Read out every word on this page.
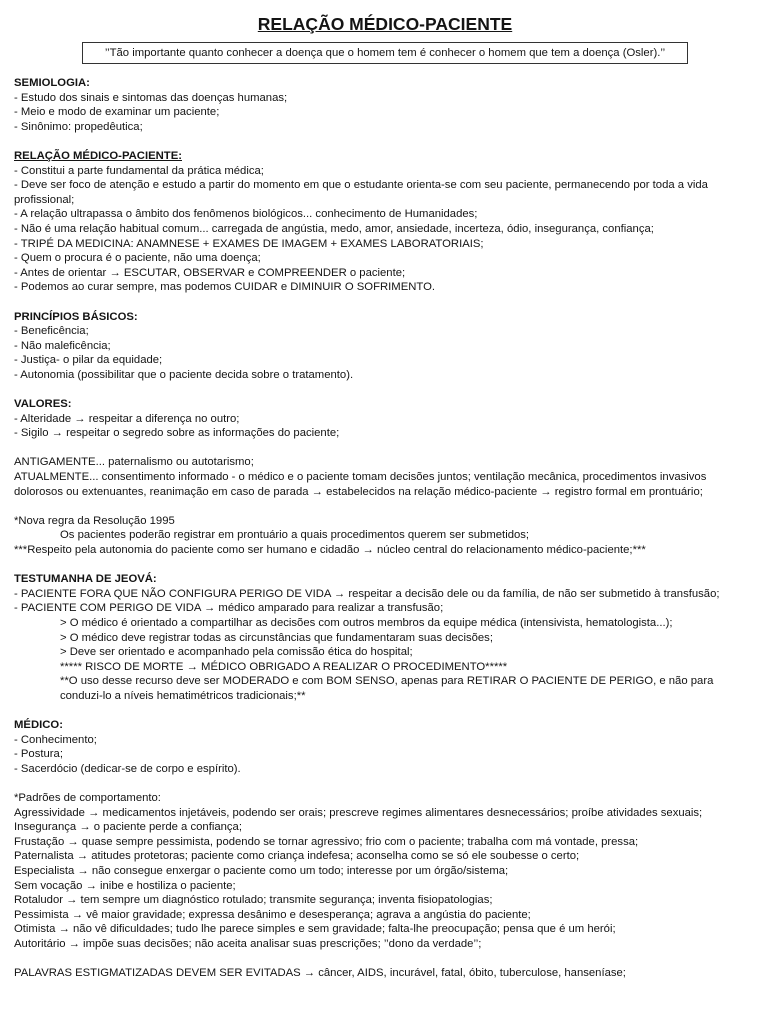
RELAÇÃO MÉDICO-PACIENTE
’’Tão importante quanto conhecer a doença que o homem tem é conhecer o homem que tem a doença (Osler).’’
SEMIOLOGIA:
- Estudo dos sinais e sintomas das doenças humanas;
- Meio e modo de examinar um paciente;
- Sinônimo: propedêutica;
RELAÇÃO MÉDICO-PACIENTE:
- Constitui a parte fundamental da prática médica;
- Deve ser foco de atenção e estudo a partir do momento em que o estudante orienta-se com seu paciente, permanecendo por toda a vida profissional;
- A relação ultrapassa o âmbito dos fenômenos biológicos... conhecimento de Humanidades;
- Não é uma relação habitual comum... carregada de angústia, medo, amor, ansiedade, incerteza, ódio, insegurança, confiança;
- TRIPÉ DA MEDICINA: ANAMNESE + EXAMES DE IMAGEM + EXAMES LABORATORIAIS;
- Quem o procura é o paciente, não uma doença;
- Antes de orientar → ESCUTAR, OBSERVAR e COMPREENDER o paciente;
- Podemos ao curar sempre, mas podemos CUIDAR e DIMINUIR O SOFRIMENTO.
PRINCÍPIOS BÁSICOS:
- Beneficência;
- Não maleficência;
- Justiça- o pilar da equidade;
- Autonomia (possibilitar que o paciente decida sobre o tratamento).
VALORES:
- Alteridade → respeitar a diferença no outro;
- Sigilo → respeitar o segredo sobre as informações do paciente;
ANTIGAMENTE... paternalismo ou autotarismo;
ATUALMENTE... consentimento informado - o médico e o paciente tomam decisões juntos; ventilação mecânica, procedimentos invasivos dolorosos ou extenuantes, reanimação em caso de parada → estabelecidos na relação médico-paciente → registro formal em prontuário;
*Nova regra da Resolução 1995
Os pacientes poderão registrar em prontuário a quais procedimentos querem ser submetidos;
***Respeito pela autonomia do paciente como ser humano e cidadão → núcleo central do relacionamento médico-paciente;***
TESTUMANHA DE JEOVÁ:
- PACIENTE FORA QUE NÃO CONFIGURA PERIGO DE VIDA → respeitar a decisão dele ou da família, de não ser submetido à transfusão;
- PACIENTE COM PERIGO DE VIDA → médico amparado para realizar a transfusão;
> O médico é orientado a compartilhar as decisões com outros membros da equipe médica (intensivista, hematologista...);
> O médico deve registrar todas as circunstâncias que fundamentaram suas decisões;
> Deve ser orientado e acompanhado pela comissão ética do hospital;
***** RISCO DE MORTE → MÉDICO OBRIGADO A REALIZAR O PROCEDIMENTO*****
**O uso desse recurso deve ser MODERADO e com BOM SENSO, apenas para RETIRAR O PACIENTE DE PERIGO, e não para conduzi-lo a níveis hematimétricos tradicionais;**
MÉDICO:
- Conhecimento;
- Postura;
- Sacerdócio (dedicar-se de corpo e espírito).
*Padrões de comportamento:
Agressividade → medicamentos injetáveis, podendo ser orais; prescreve regimes alimentares desnecessários; proíbe atividades sexuais;
Insegurança → o paciente perde a confiança;
Frustação → quase sempre pessimista, podendo se tornar agressivo; frio com o paciente; trabalha com má vontade, pressa;
Paternalista → atitudes protetoras; paciente como criança indefesa; aconselha como se só ele soubesse o certo;
Especialista → não consegue enxergar o paciente como um todo; interesse por um órgão/sistema;
Sem vocação → inibe e hostiliza o paciente;
Rotaludor → tem sempre um diagnóstico rotulado; transmite segurança; inventa fisiopatologias;
Pessimista → vê maior gravidade; expressa desânimo e desesperança; agrava a angústia do paciente;
Otimista → não vê dificuldades; tudo lhe parece simples e sem gravidade; falta-lhe preocupação; pensa que é um herói;
Autoritário → impõe suas decisões; não aceita analisar suas prescrições; ’’dono da verdade’’;
PALAVRAS ESTIGMATIZADAS DEVEM SER EVITADAS → câncer, AIDS, incurável, fatal, óbito, tuberculose, hanseníase;
